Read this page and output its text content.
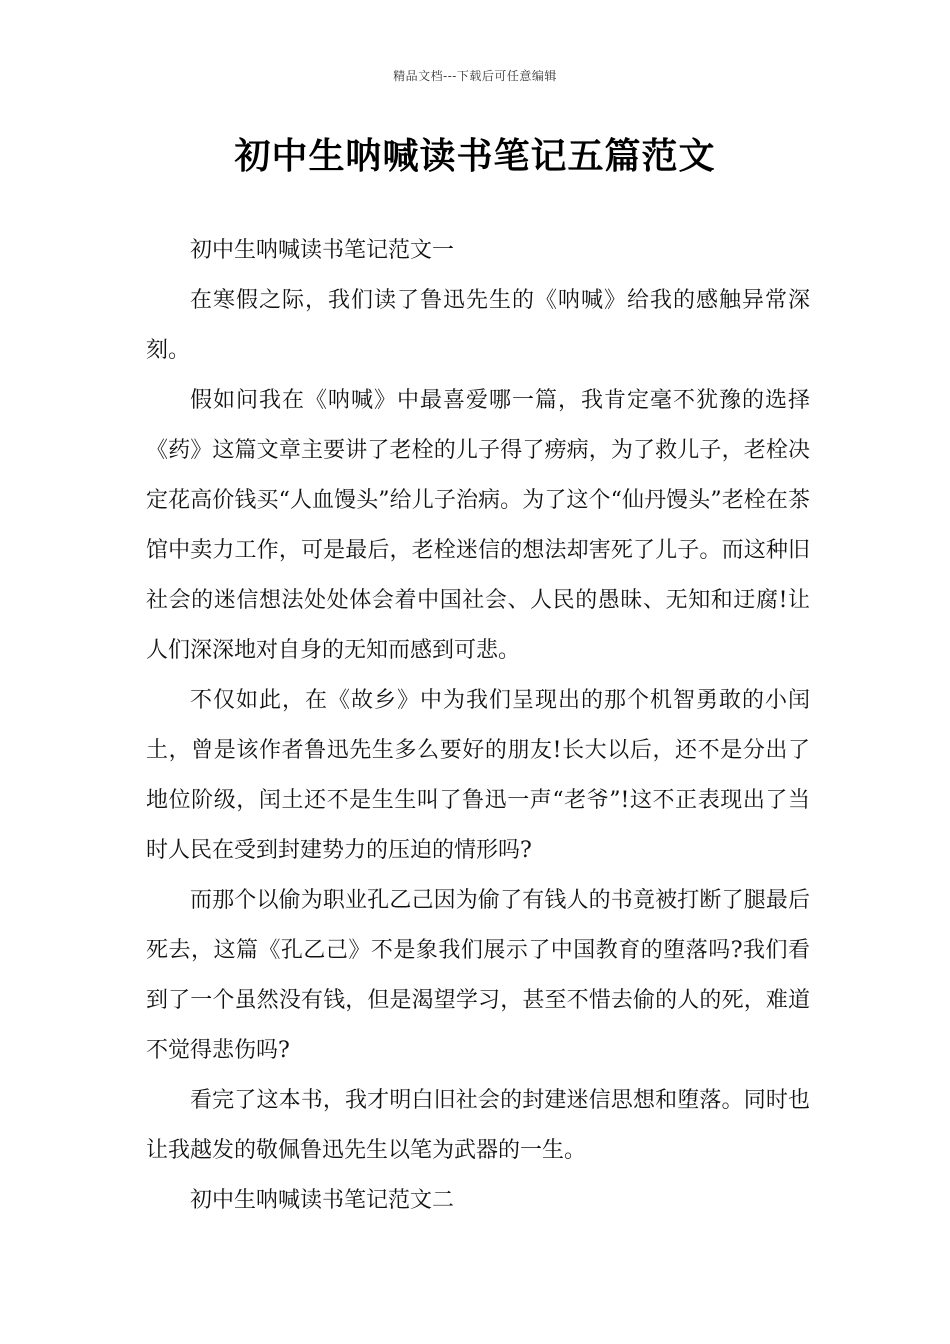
精品文档---下载后可任意编辑
初中生呐喊读书笔记五篇范文

初中生呐喊读书笔记范文一

在寒假之际，我们读了鲁迅先生的《呐喊》给我的感触异常深刻。

假如问我在《呐喊》中最喜爱哪一篇，我肯定毫不犹豫的选择《药》这篇文章主要讲了老栓的儿子得了痨病，为了救儿子，老栓决定花高价钱买“人血馒头”给儿子治病。为了这个“仙丹馒头”老栓在茶馆中卖力工作，可是最后，老栓迷信的想法却害死了儿子。而这种旧社会的迷信想法处处体会着中国社会、人民的愚昧、无知和迂腐!让人们深深地对自身的无知而感到可悲。

不仅如此，在《故乡》中为我们呈现出的那个机智勇敢的小闰土，曾是该作者鲁迅先生多么要好的朋友!长大以后，还不是分出了地位阶级，闰土还不是生生叫了鲁迅一声“老爷”!这不正表现出了当时人民在受到封建势力的压迫的情形吗?

而那个以偷为职业孔乙己因为偷了有钱人的书竟被打断了腿最后死去，这篇《孔乙己》不是象我们展示了中国教育的堕落吗?我们看到了一个虽然没有钱，但是渴望学习，甚至不惜去偷的人的死，难道不觉得悲伤吗?

看完了这本书，我才明白旧社会的封建迷信思想和堕落。同时也让我越发的敬佩鲁迅先生以笔为武器的一生。

初中生呐喊读书笔记范文二
